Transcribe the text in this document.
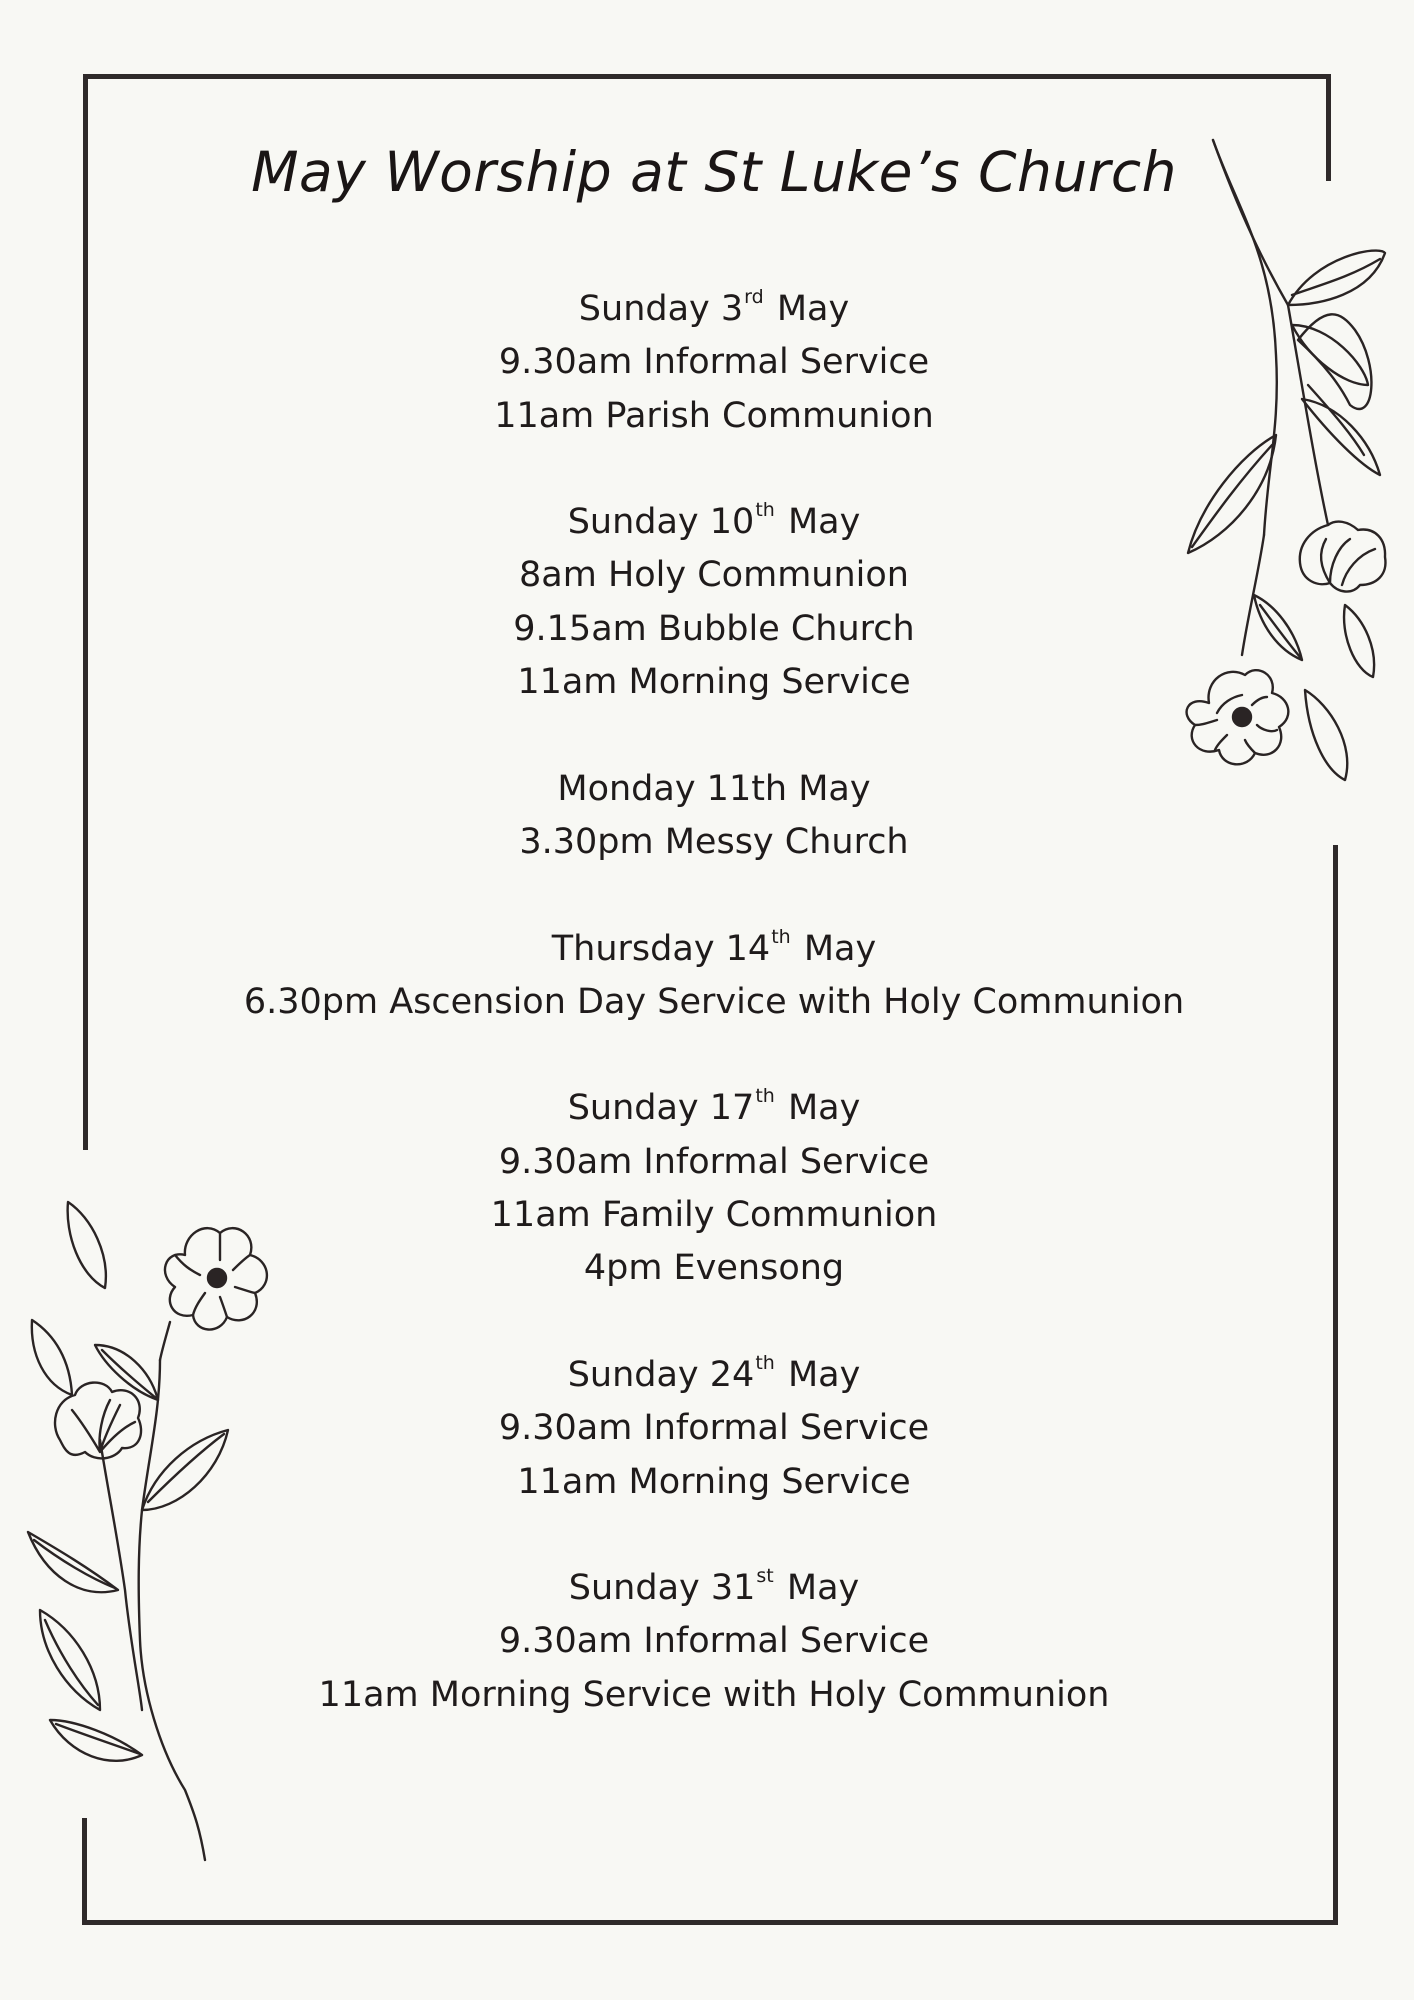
May Worship at St Luke’s Church
Sunday 3rd May
9.30am Informal Service
11am Parish Communion
Sunday 10th May
8am Holy Communion
9.15am Bubble Church
11am Morning Service
Monday 11th May
3.30pm Messy Church
Thursday 14th May
6.30pm Ascension Day Service with Holy Communion
Sunday 17th May
9.30am Informal Service
11am Family Communion
4pm Evensong
Sunday 24th May
9.30am Informal Service
11am Morning Service
Sunday 31st May
9.30am Informal Service
11am Morning Service with Holy Communion
